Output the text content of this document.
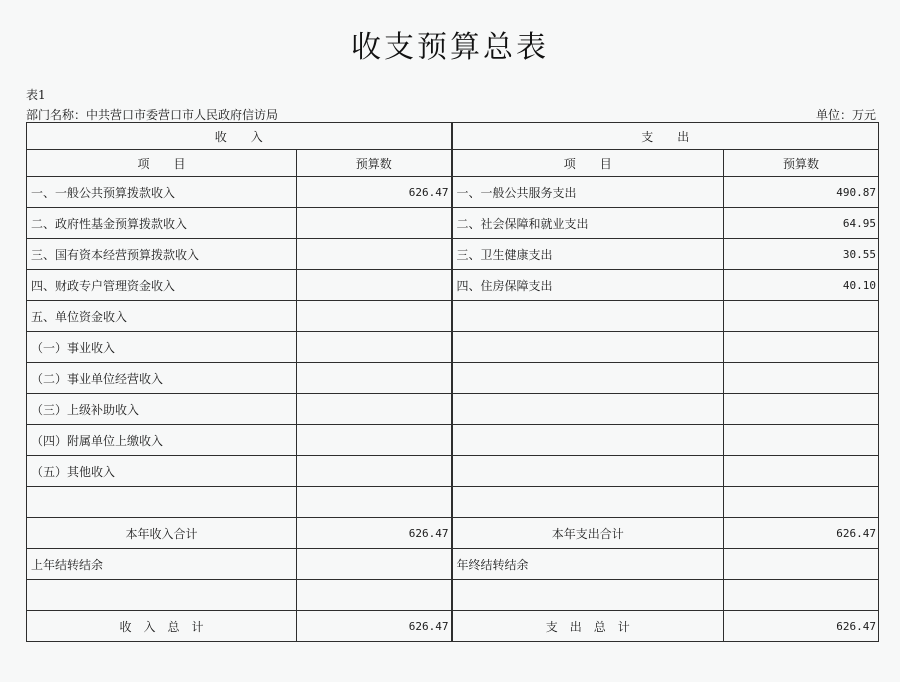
收支预算总表
表1
部门名称：中共营口市委营口市人民政府信访局	单位：万元
收　　入		支　　出	
项　　目	预算数	项　　目	预算数
一、一般公共预算拨款收入	626.47	一、一般公共服务支出	490.87
二、政府性基金预算拨款收入		二、社会保障和就业支出	64.95
三、国有资本经营预算拨款收入		三、卫生健康支出	30.55
四、财政专户管理资金收入		四、住房保障支出	40.10
五、单位资金收入			
（一）事业收入			
（二）事业单位经营收入			
（三）上级补助收入			
（四）附属单位上缴收入			
（五）其他收入			

本年收入合计	626.47	本年支出合计	626.47
上年结转结余		年终结转结余	

收　入　总　计	626.47	支　出　总　计	626.47
